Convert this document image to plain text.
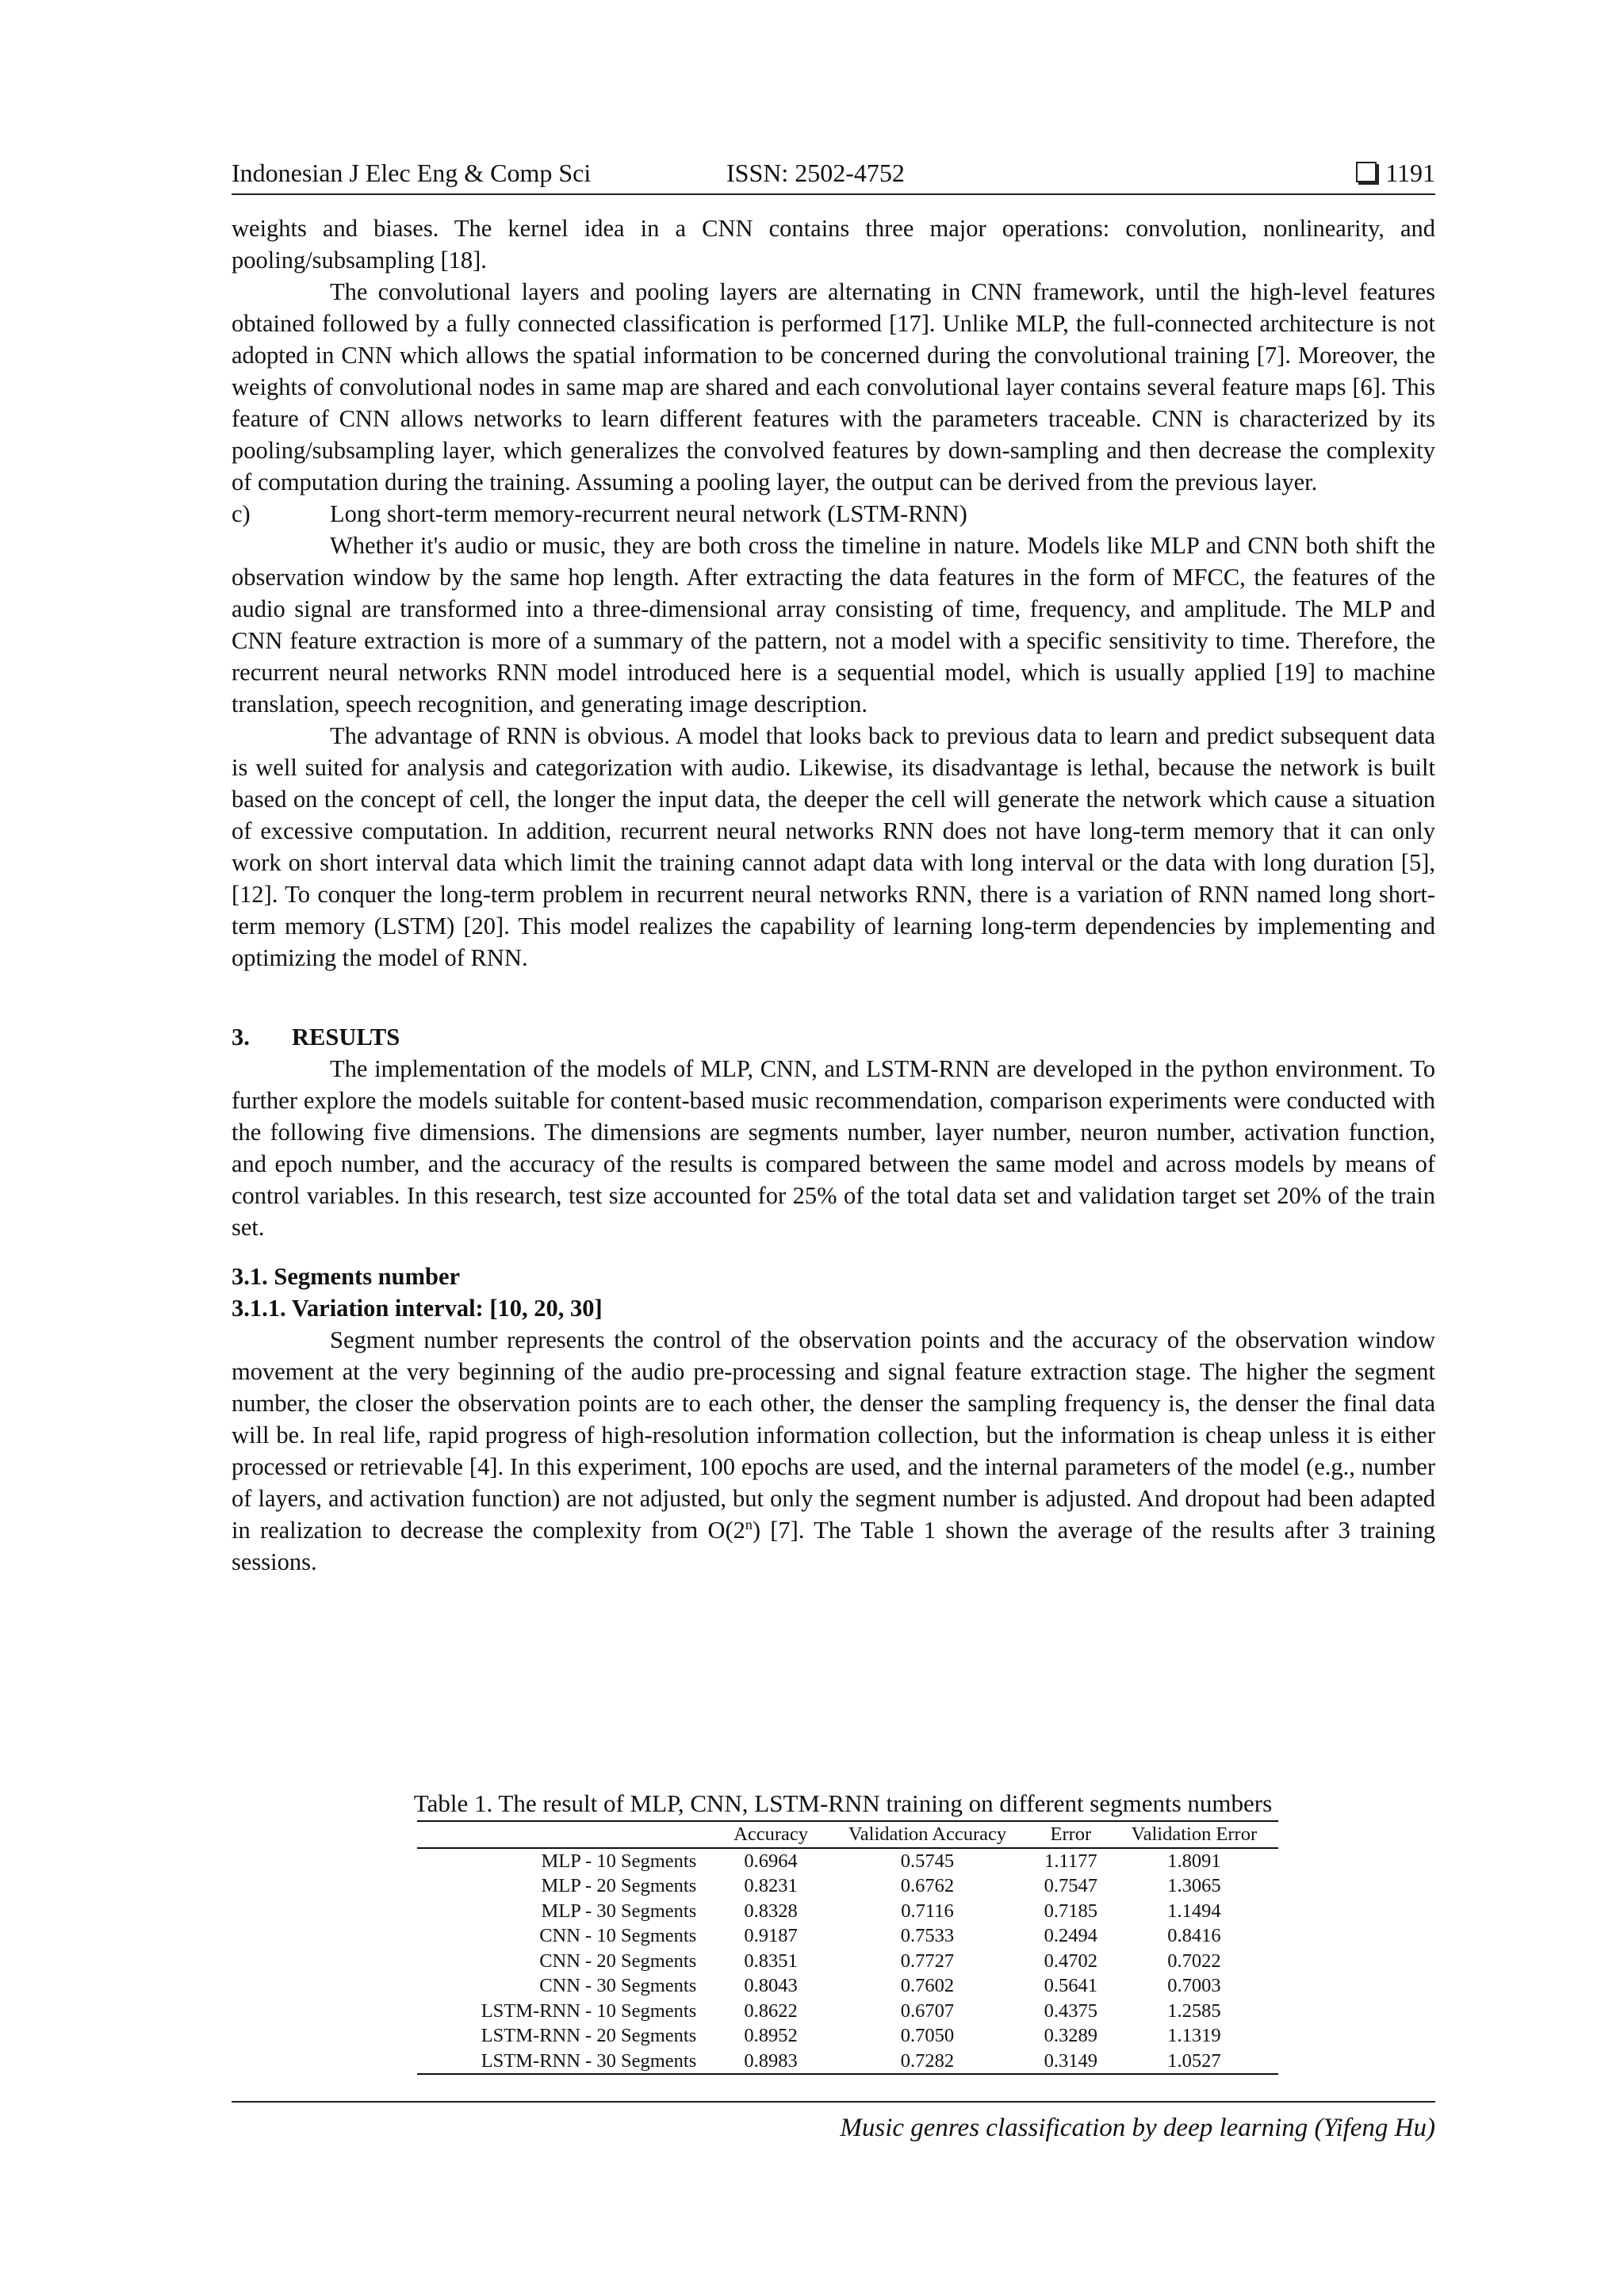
Indonesian J Elec Eng & Comp Sci	ISSN: 2502-4752	1191

weights and biases. The kernel idea in a CNN contains three major operations: convolution, nonlinearity, and pooling/subsampling [18].

The convolutional layers and pooling layers are alternating in CNN framework, until the high-level features obtained followed by a fully connected classification is performed [17]. Unlike MLP, the full-connected architecture is not adopted in CNN which allows the spatial information to be concerned during the convolutional training [7]. Moreover, the weights of convolutional nodes in same map are shared and each convolutional layer contains several feature maps [6]. This feature of CNN allows networks to learn different features with the parameters traceable. CNN is characterized by its pooling/subsampling layer, which generalizes the convolved features by down-sampling and then decrease the complexity of computation during the training. Assuming a pooling layer, the output can be derived from the previous layer.

c)	Long short-term memory-recurrent neural network (LSTM-RNN)

Whether it's audio or music, they are both cross the timeline in nature. Models like MLP and CNN both shift the observation window by the same hop length. After extracting the data features in the form of MFCC, the features of the audio signal are transformed into a three-dimensional array consisting of time, frequency, and amplitude. The MLP and CNN feature extraction is more of a summary of the pattern, not a model with a specific sensitivity to time. Therefore, the recurrent neural networks RNN model introduced here is a sequential model, which is usually applied [19] to machine translation, speech recognition, and generating image description.

The advantage of RNN is obvious. A model that looks back to previous data to learn and predict subsequent data is well suited for analysis and categorization with audio. Likewise, its disadvantage is lethal, because the network is built based on the concept of cell, the longer the input data, the deeper the cell will generate the network which cause a situation of excessive computation. In addition, recurrent neural networks RNN does not have long-term memory that it can only work on short interval data which limit the training cannot adapt data with long interval or the data with long duration [5], [12]. To conquer the long-term problem in recurrent neural networks RNN, there is a variation of RNN named long short-term memory (LSTM) [20]. This model realizes the capability of learning long-term dependencies by implementing and optimizing the model of RNN.

3. RESULTS

The implementation of the models of MLP, CNN, and LSTM-RNN are developed in the python environment. To further explore the models suitable for content-based music recommendation, comparison experiments were conducted with the following five dimensions. The dimensions are segments number, layer number, neuron number, activation function, and epoch number, and the accuracy of the results is compared between the same model and across models by means of control variables. In this research, test size accounted for 25% of the total data set and validation target set 20% of the train set.

3.1. Segments number

3.1.1. Variation interval: [10, 20, 30]

Segment number represents the control of the observation points and the accuracy of the observation window movement at the very beginning of the audio pre-processing and signal feature extraction stage. The higher the segment number, the closer the observation points are to each other, the denser the sampling frequency is, the denser the final data will be. In real life, rapid progress of high-resolution information collection, but the information is cheap unless it is either processed or retrievable [4]. In this experiment, 100 epochs are used, and the internal parameters of the model (e.g., number of layers, and activation function) are not adjusted, but only the segment number is adjusted. And dropout had been adapted in realization to decrease the complexity from O(2$^n$) [7]. The Table 1 shown the average of the results after 3 training sessions.

Table 1. The result of MLP, CNN, LSTM-RNN training on different segments numbers
	Accuracy	Validation Accuracy	Error	Validation Error
MLP - 10 Segments	0.6964	0.5745	1.1177	1.8091
MLP - 20 Segments	0.8231	0.6762	0.7547	1.3065
MLP - 30 Segments	0.8328	0.7116	0.7185	1.1494
CNN - 10 Segments	0.9187	0.7533	0.2494	0.8416
CNN - 20 Segments	0.8351	0.7727	0.4702	0.7022
CNN - 30 Segments	0.8043	0.7602	0.5641	0.7003
LSTM-RNN - 10 Segments	0.8622	0.6707	0.4375	1.2585
LSTM-RNN - 20 Segments	0.8952	0.7050	0.3289	1.1319
LSTM-RNN - 30 Segments	0.8983	0.7282	0.3149	1.0527
Music genres classification by deep learning (Yifeng Hu)
